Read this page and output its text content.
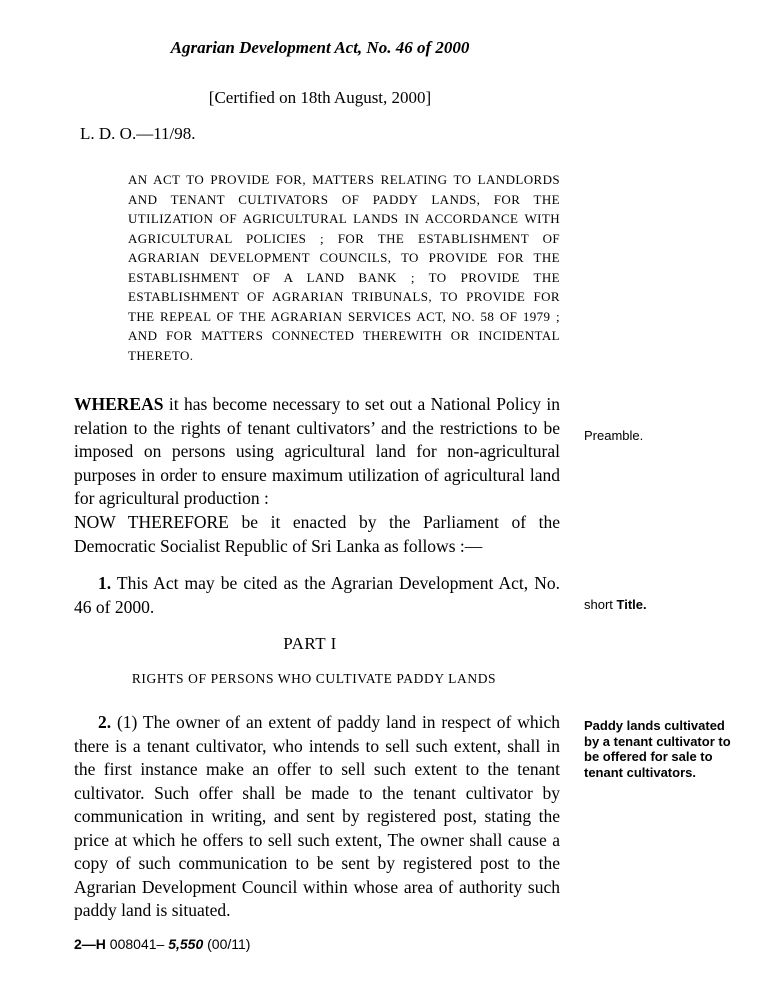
Agrarian Development Act, No. 46 of 2000
[Certified on 18th August, 2000]
L. D. O.—11/98.
AN ACT TO PROVIDE FOR, MATTERS RELATING TO LANDLORDS AND TENANT CULTIVATORS OF PADDY LANDS, FOR THE UTILIZATION OF AGRICULTURAL LANDS IN ACCORDANCE WITH AGRICULTURAL POLICIES ; FOR THE ESTABLISHMENT OF AGRARIAN DEVELOPMENT COUNCILS, TO PROVIDE FOR THE ESTABLISHMENT OF A LAND BANK ; TO PROVIDE THE ESTABLISHMENT OF AGRARIAN TRIBUNALS, TO PROVIDE FOR THE REPEAL OF THE AGRARIAN SERVICES ACT, NO. 58 OF 1979 ; AND FOR MATTERS CONNECTED THEREWITH OR INCIDENTAL THERETO.
WHEREAS it has become necessary to set out a National Policy in relation to the rights of tenant cultivators’ and the restrictions to be imposed on persons using agricultural land for non-agricultural purposes in order to ensure maximum utilization of agricultural land for agricultural production :
Preamble.
NOW THEREFORE be it enacted by the Parliament of the Democratic Socialist Republic of Sri Lanka as follows :—
1. This Act may be cited as the Agrarian Development Act, No. 46 of 2000.	short Title.
PART I
RIGHTS OF PERSONS WHO CULTIVATE PADDY LANDS
2. (1) The owner of an extent of paddy land in respect of which there is a tenant cultivator, who intends to sell such extent, shall in the first instance make an offer to sell such extent to the tenant cultivator. Such offer shall be made to the tenant cultivator by communication in writing, and sent by registered post, stating the price at which he offers to sell such extent, The owner shall cause a copy of such communication to be sent by registered post to the Agrarian Development Council within whose area of authority such paddy land is situated.
Paddy lands cultivated by a tenant cultivator to be offered for sale to tenant cultivators.
2—H 008041– 5,550 (00/11)
